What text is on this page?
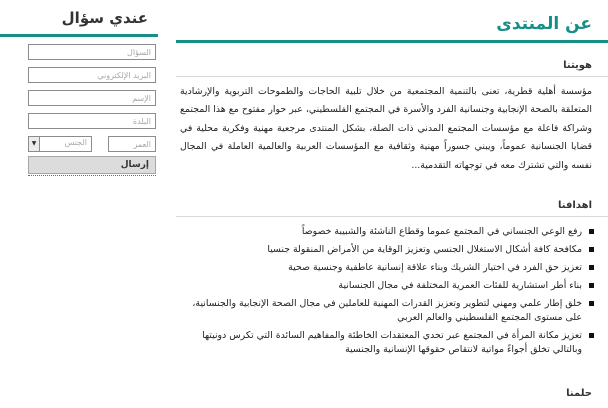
عن المنتدى
هويتنا

مؤسسة أهلية قطرية، تعنى بالتنمية المجتمعية من خلال تلبية الحاجات والطموحات التربوية والإرشادية المتعلقة بالصحة الإنجابية وجنسانية الفرد والأسرة في المجتمع الفلسطيني، عبر حوار مفتوح مع هذا المجتمع وشراكة فاعلة مع مؤسسات المجتمع المدني ذات الصلة، بشكل المنتدى مرجعية مهنية وفكرية محلية في قضايا الجنسانية عموماً، ويبني جسوراً مهنية وثقافية مع المؤسسات العربية والعالمية العاملة في المجال نفسه والتي تشترك معه في توجهاته التقدمية...

اهدافنا
رفع الوعي الجنساني في المجتمع عموما وقطاع الناشئة والشبيبة خصوصاً
مكافحة كافة أشكال الاستغلال الجنسي وتعزيز الوقاية من الأمراض المنقولة جنسيا
تعزيز حق الفرد في اختيار الشريك وبناء علاقة إنسانية عاطفية وجنسية صحية
بناء أطر استشارية للفئات العمرية المختلفة في مجال الجنسانية
خلق إطار علمي ومهني لتطوير وتعزيز القدرات المهنية للعاملين في مجال الصحة الإنجابية والجنسانية، على مستوى المجتمع الفلسطيني والعالم العربي
تعزيز مكانة المرأة في المجتمع عبر تحدي المعتقدات الخاطئة والمفاهيم السائدة التي تكرس دونيتها وبالتالي تخلق أجواءً مواتية لانتقاص حقوقها الإنسانية والجنسية
حلمنا
عندي سؤال
السؤال
البريد الإلكتروني
الإسم
البلدة
العمر
الجنس
▼
إرسال
